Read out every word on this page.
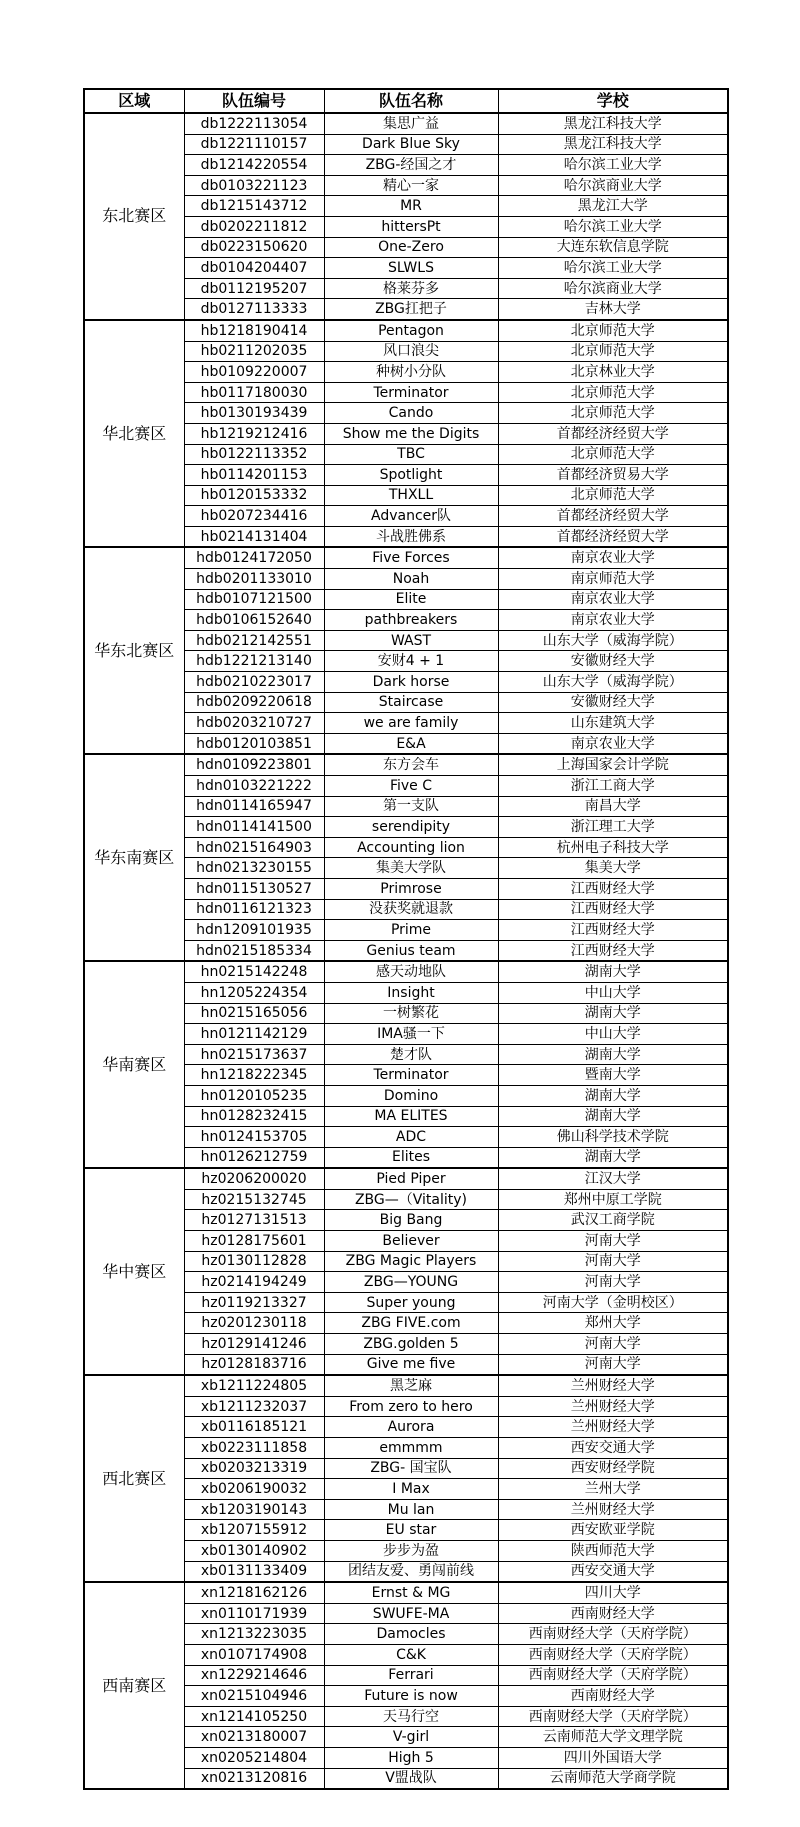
区域	队伍编号	队伍名称	学校
东北赛区	db1222113054	集思广益	黑龙江科技大学
	db1221110157	Dark Blue Sky	黑龙江科技大学
	db1214220554	ZBG-经国之才	哈尔滨工业大学
	db0103221123	精心一家	哈尔滨商业大学
	db1215143712	MR	黑龙江大学
	db0202211812	hittersPt	哈尔滨工业大学
	db0223150620	One-Zero	大连东软信息学院
	db0104204407	SLWLS	哈尔滨工业大学
	db0112195207	格莱芬多	哈尔滨商业大学
	db0127113333	ZBG扛把子	吉林大学
华北赛区	hb1218190414	Pentagon	北京师范大学
	hb0211202035	风口浪尖	北京师范大学
	hb0109220007	种树小分队	北京林业大学
	hb0117180030	Terminator	北京师范大学
	hb0130193439	Cando	北京师范大学
	hb1219212416	Show me the Digits	首都经济经贸大学
	hb0122113352	TBC	北京师范大学
	hb0114201153	Spotlight	首都经济贸易大学
	hb0120153332	THXLL	北京师范大学
	hb0207234416	Advancer队	首都经济经贸大学
	hb0214131404	斗战胜佛系	首都经济经贸大学
华东北赛区	hdb0124172050	Five Forces	南京农业大学
	hdb0201133010	Noah	南京师范大学
	hdb0107121500	Elite	南京农业大学
	hdb0106152640	pathbreakers	南京农业大学
	hdb0212142551	WAST	山东大学（威海学院）
	hdb1221213140	安财4 + 1	安徽财经大学
	hdb0210223017	Dark horse	山东大学（威海学院）
	hdb0209220618	Staircase	安徽财经大学
	hdb0203210727	we are family	山东建筑大学
	hdb0120103851	E&A	南京农业大学
华东南赛区	hdn0109223801	东方会车	上海国家会计学院
	hdn0103221222	Five C	浙江工商大学
	hdn0114165947	第一支队	南昌大学
	hdn0114141500	serendipity	浙江理工大学
	hdn0215164903	Accounting lion	杭州电子科技大学
	hdn0213230155	集美大学队	集美大学
	hdn0115130527	Primrose	江西财经大学
	hdn0116121323	没获奖就退款	江西财经大学
	hdn1209101935	Prime	江西财经大学
	hdn0215185334	Genius team	江西财经大学
华南赛区	hn0215142248	感天动地队	湖南大学
	hn1205224354	Insight	中山大学
	hn0215165056	一树繁花	湖南大学
	hn0121142129	IMA骚一下	中山大学
	hn0215173637	楚才队	湖南大学
	hn1218222345	Terminator	暨南大学
	hn0120105235	Domino	湖南大学
	hn0128232415	MA ELITES	湖南大学
	hn0124153705	ADC	佛山科学技术学院
	hn0126212759	Elites	湖南大学
华中赛区	hz0206200020	Pied Piper	江汉大学
	hz0215132745	ZBG—（Vitality)	郑州中原工学院
	hz0127131513	Big Bang	武汉工商学院
	hz0128175601	Believer	河南大学
	hz0130112828	ZBG Magic Players	河南大学
	hz0214194249	ZBG—YOUNG	河南大学
	hz0119213327	Super young	河南大学（金明校区）
	hz0201230118	ZBG FIVE.com	郑州大学
	hz0129141246	ZBG.golden 5	河南大学
	hz0128183716	Give me five	河南大学
西北赛区	xb1211224805	黑芝麻	兰州财经大学
	xb1211232037	From zero to hero	兰州财经大学
	xb0116185121	Aurora	兰州财经大学
	xb0223111858	emmmm	西安交通大学
	xb0203213319	ZBG- 国宝队	西安财经学院
	xb0206190032	I Max	兰州大学
	xb1203190143	Mu lan	兰州财经大学
	xb1207155912	EU star	西安欧亚学院
	xb0130140902	步步为盈	陕西师范大学
	xb0131133409	团结友爱、勇闯前线	西安交通大学
西南赛区	xn1218162126	Ernst & MG	四川大学
	xn0110171939	SWUFE-MA	西南财经大学
	xn1213223035	Damocles	西南财经大学（天府学院）
	xn0107174908	C&K	西南财经大学（天府学院）
	xn1229214646	Ferrari	西南财经大学（天府学院）
	xn0215104946	Future is now	西南财经大学
	xn1214105250	天马行空	西南财经大学（天府学院）
	xn0213180007	V-girl	云南师范大学文理学院
	xn0205214804	High 5	四川外国语大学
	xn0213120816	V盟战队	云南师范大学商学院
